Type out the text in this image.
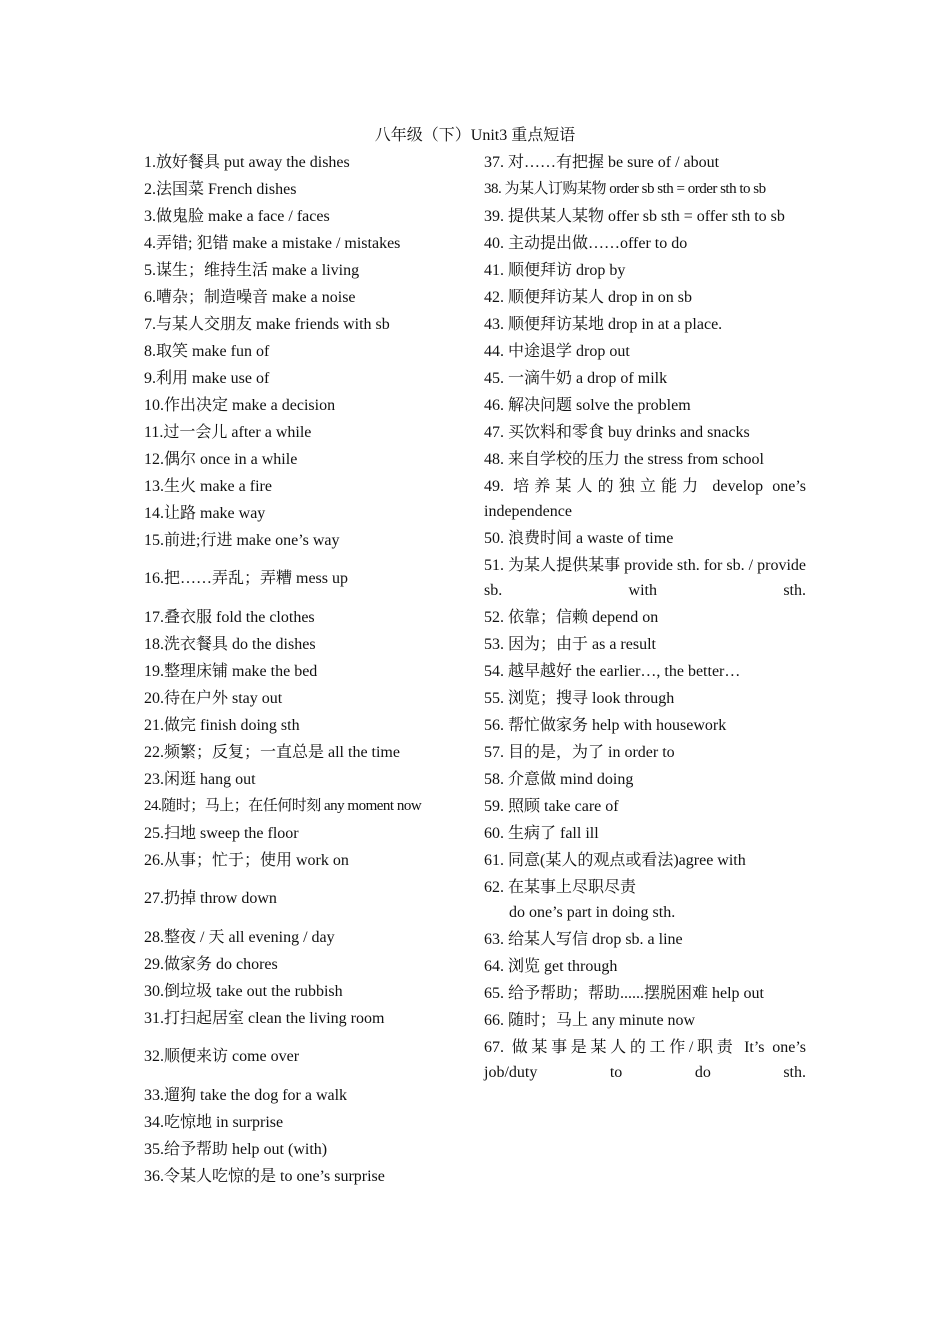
八年级（下）Unit3 重点短语
1.放好餐具 put away the dishes
2.法国菜 French dishes
3.做鬼脸 make a face / faces
4.弄错; 犯错 make a mistake / mistakes
5.谋生；维持生活 make a living
6.嘈杂；制造噪音 make a noise
7.与某人交朋友 make friends with sb
8.取笑 make fun of
9.利用 make use of
10.作出决定 make a decision
11.过一会儿 after a while
12.偶尔 once in a while
13.生火 make a fire
14.让路 make way
15.前进;行进 make one’s way
16.把……弄乱；弄糟 mess up
17.叠衣服 fold the clothes
18.洗衣餐具 do the dishes
19.整理床铺 make the bed
20.待在户外 stay out
21.做完 finish doing sth
22.频繁；反复；一直总是 all the time
23.闲逛 hang out
24.随时；马上；在任何时刻 any moment now
25.扫地 sweep the floor
26.从事；忙于；使用 work on
27.扔掉 throw down
28.整夜 / 天 all evening / day
29.做家务 do chores
30.倒垃圾 take out the rubbish
31.打扫起居室 clean the living room
32.顺便来访 come over
33.遛狗 take the dog for a walk
34.吃惊地 in surprise
35.给予帮助 help out (with)
36.令某人吃惊的是 to one’s surprise
37. 对……有把握 be sure of / about
38. 为某人订购某物 order sb sth = order sth to sb
39. 提供某人某物 offer sb sth = offer sth to sb
40. 主动提出做……offer to do
41. 顺便拜访 drop by
42. 顺便拜访某人 drop in on sb
43. 顺便拜访某地 drop in at a place.
44. 中途退学 drop out
45. 一滴牛奶 a drop of milk
46. 解决问题 solve the problem
47. 买饮料和零食 buy drinks and snacks
48. 来自学校的压力 the stress from school
49. 培养某人的独立能力 develop one’s independence
50. 浪费时间 a waste of time
51. 为某人提供某事 provide sth. for sb. / provide sb. with sth.
52. 依靠；信赖 depend on
53. 因为；由于 as a result
54. 越早越好 the earlier…, the better…
55. 浏览；搜寻 look through
56. 帮忙做家务 help with housework
57. 目的是，为了 in order to
58. 介意做 mind doing
59. 照顾 take care of
60. 生病了 fall ill
61. 同意(某人的观点或看法)agree with
62. 在某事上尽职尽责
do one’s part in doing sth.
63. 给某人写信 drop sb. a line
64. 浏览 get through
65. 给予帮助；帮助......摆脱困难 help out
66. 随时；马上 any minute now
67. 做某事是某人的工作/职责 It’s one’s job/duty to do sth.
